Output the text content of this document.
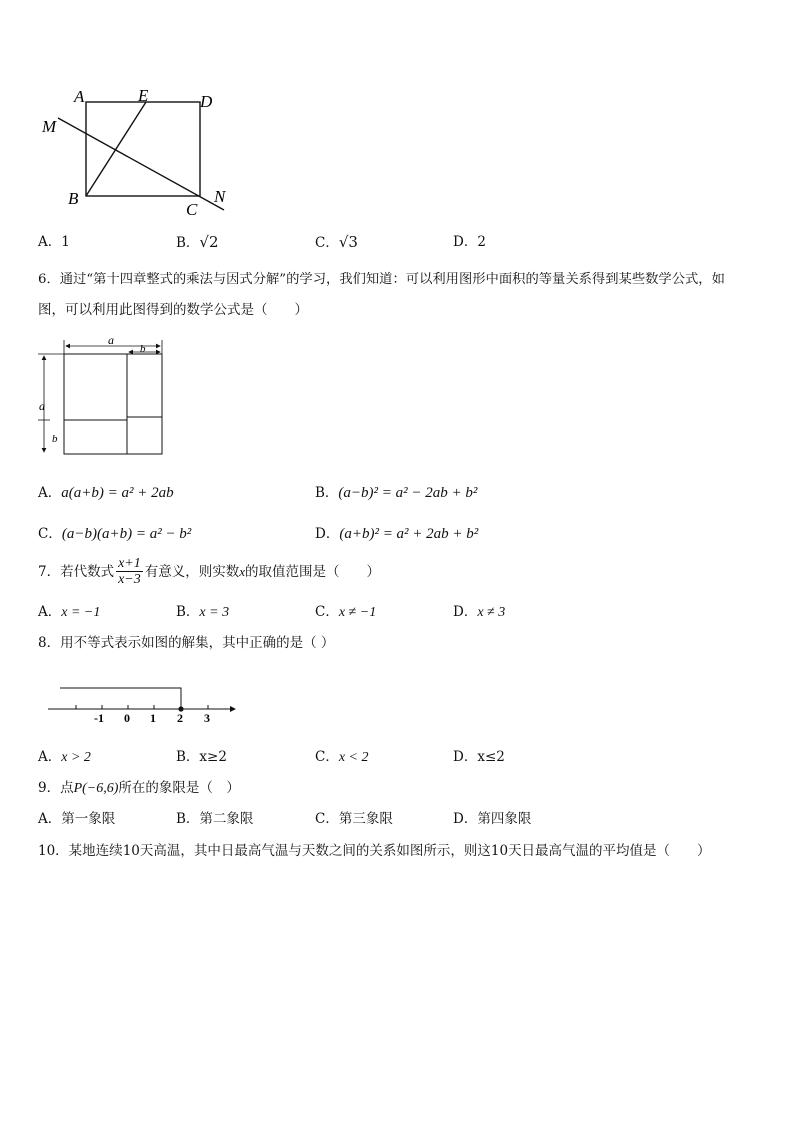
A	E	D
M
B
C
N
A．1	B．√2	C．√3	D．2
6．通过“第十四章整式的乘法与因式分解”的学习，我们知道：可以利用图形中面积的等量关系得到某些数学公式，如
图，可以利用此图得到的数学公式是（　　）
a
b
a
b
A．a(a+b) = a² + 2ab	B．(a−b)² = a² − 2ab + b²
C．(a−b)(a+b) = a² − b²	D．(a+b)² = a² + 2ab + b²
7．若代数式 $\frac{x+1}{x-3}$ 有意义，则实数 x 的取值范围是（　　）
A．x = −1	B．x = 3	C．x ≠ −1	D．x ≠ 3
8．用不等式表示如图的解集，其中正确的是（ ）
-1 0 1 2 3
A．x > 2	B．x≥2	C．x < 2	D．x≤2
9．点P(−6,6)所在的象限是（　）
A．第一象限	B．第二象限	C．第三象限	D．第四象限
10．某地连续10天高温，其中日最高气温与天数之间的关系如图所示，则这10天日最高气温的平均值是（　　）
